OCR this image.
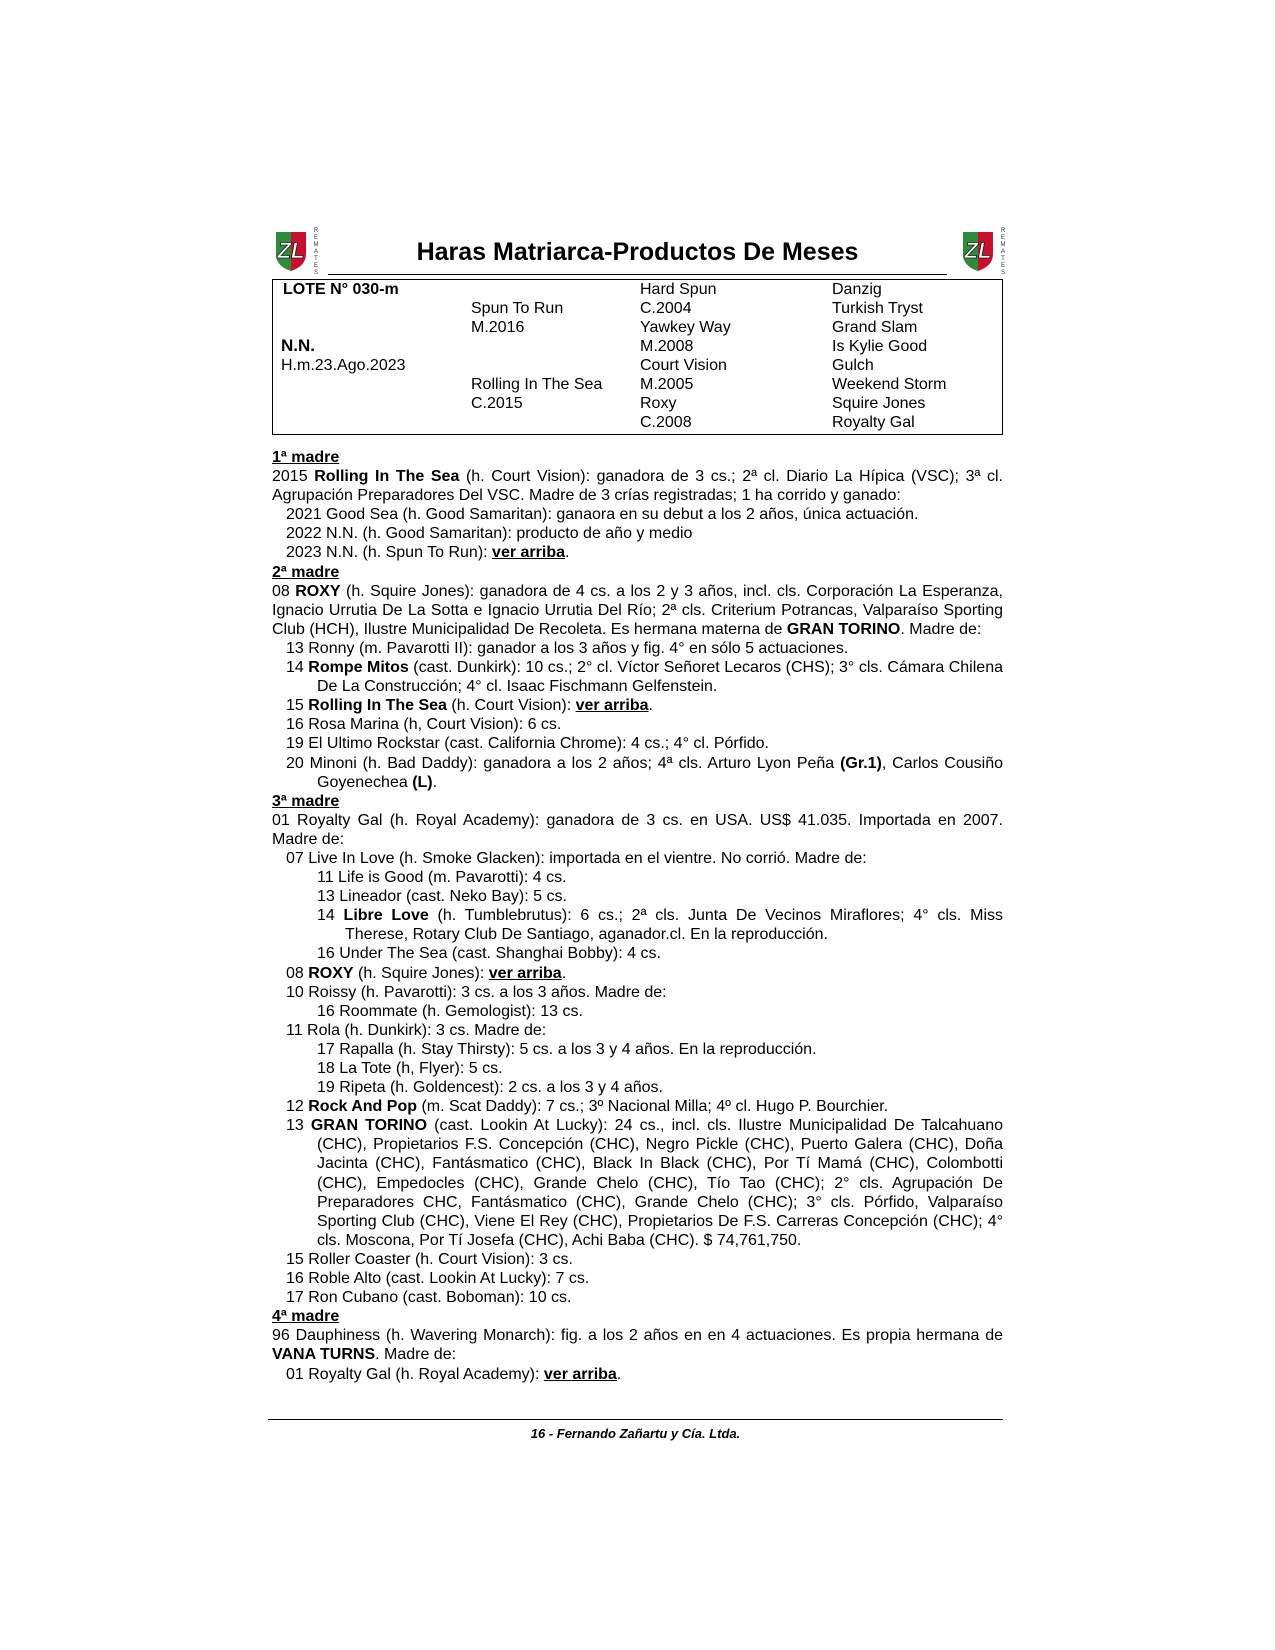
ZL
R
E
M
A
T
E
S
Haras Matriarca-Productos De Meses	ZL
R
E
M
A
T
E
S
LOTE N° 030-m
N.N.
H.m.23.Ago.2023
Spun To Run
M.2016
Rolling In The Sea
C.2015
Hard Spun
C.2004
Yawkey Way
M.2008
Court Vision
M.2005
Roxy
C.2008
Danzig
Turkish Tryst
Grand Slam
Is Kylie Good
Gulch
Weekend Storm
Squire Jones
Royalty Gal

1ª madre

2015 Rolling In The Sea (h. Court Vision): ganadora de 3 cs.; 2ª cl. Diario La Hípica (VSC); 3ª cl. Agrupación Preparadores Del VSC. Madre de 3 crías registradas; 1 ha corrido y ganado:

2021 Good Sea (h. Good Samaritan): ganaora en su debut a los 2 años, única actuación.

2022 N.N. (h. Good Samaritan): producto de año y medio

2023 N.N. (h. Spun To Run): ver arriba.

2ª madre

08 ROXY (h. Squire Jones): ganadora de 4 cs. a los 2 y 3 años, incl. cls. Corporación La Esperanza, Ignacio Urrutia De La Sotta e Ignacio Urrutia Del Río; 2ª cls. Criterium Potrancas, Valparaíso Sporting Club (HCH), Ilustre Municipalidad De Recoleta. Es hermana materna de GRAN TORINO. Madre de:

13 Ronny (m. Pavarotti II): ganador a los 3 años y fig. 4° en sólo 5 actuaciones.

14 Rompe Mitos (cast. Dunkirk): 10 cs.; 2° cl. Víctor Señoret Lecaros (CHS); 3° cls. Cámara Chilena De La Construcción; 4° cl. Isaac Fischmann Gelfenstein.

15 Rolling In The Sea (h. Court Vision): ver arriba.

16 Rosa Marina (h, Court Vision): 6 cs.

19 El Ultimo Rockstar (cast. California Chrome): 4 cs.; 4° cl. Pórfido.

20 Minoni (h. Bad Daddy): ganadora a los 2 años; 4ª cls. Arturo Lyon Peña (Gr.1), Carlos Cousiño Goyenechea (L).

3ª madre

01 Royalty Gal (h. Royal Academy): ganadora de 3 cs. en USA. US$ 41.035. Importada en 2007. Madre de:

07 Live In Love (h. Smoke Glacken): importada en el vientre. No corrió. Madre de:

11 Life is Good (m. Pavarotti): 4 cs.

13 Lineador (cast. Neko Bay): 5 cs.

14 Libre Love (h. Tumblebrutus): 6 cs.; 2ª cls. Junta De Vecinos Miraflores; 4° cls. Miss Therese, Rotary Club De Santiago, aganador.cl. En la reproducción.

16 Under The Sea (cast. Shanghai Bobby): 4 cs.

08 ROXY (h. Squire Jones): ver arriba.

10 Roissy (h. Pavarotti): 3 cs. a los 3 años. Madre de:

16 Roommate (h. Gemologist): 13 cs.

11 Rola (h. Dunkirk): 3 cs. Madre de:

17 Rapalla (h. Stay Thirsty): 5 cs. a los 3 y 4 años. En la reproducción.

18 La Tote (h, Flyer): 5 cs.

19 Ripeta (h. Goldencest): 2 cs. a los 3 y 4 años.

12 Rock And Pop (m. Scat Daddy): 7 cs.; 3º Nacional Milla; 4º cl. Hugo P. Bourchier.

13 GRAN TORINO (cast. Lookin At Lucky): 24 cs., incl. cls. Ilustre Municipalidad De Talcahuano (CHC), Propietarios F.S. Concepción (CHC), Negro Pickle (CHC), Puerto Galera (CHC), Doña Jacinta (CHC), Fantásmatico (CHC), Black In Black (CHC), Por Tí Mamá (CHC), Colombotti (CHC), Empedocles (CHC), Grande Chelo (CHC), Tío Tao (CHC); 2° cls. Agrupación De Preparadores CHC, Fantásmatico (CHC), Grande Chelo (CHC); 3° cls. Pórfido, Valparaíso Sporting Club (CHC), Viene El Rey (CHC), Propietarios De F.S. Carreras Concepción (CHC); 4° cls. Moscona, Por Tí Josefa (CHC), Achi Baba (CHC). $ 74,761,750.

15 Roller Coaster (h. Court Vision): 3 cs.

16 Roble Alto (cast. Lookin At Lucky): 7 cs.

17 Ron Cubano (cast. Boboman): 10 cs.

4ª madre

96 Dauphiness (h. Wavering Monarch): fig. a los 2 años en en 4 actuaciones. Es propia hermana de VANA TURNS. Madre de:

01 Royalty Gal (h. Royal Academy): ver arriba.

16 - Fernando Zañartu y Cía. Ltda.
